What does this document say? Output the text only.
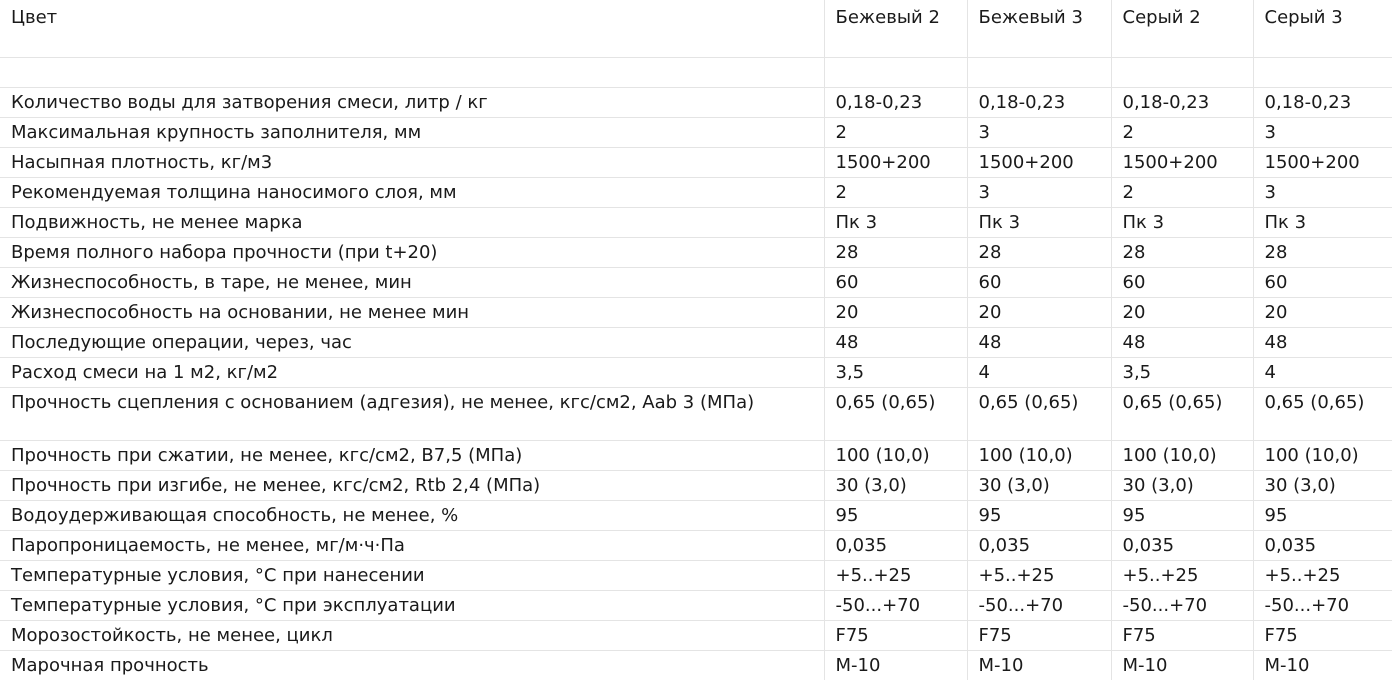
Цвет	Бежевый 2	Бежевый 3	Серый 2	Серый 3

Количество воды для затворения смеси, литр / кг	0,18-0,23	0,18-0,23	0,18-0,23	0,18-0,23
Максимальная крупность заполнителя, мм	2	3	2	3
Насыпная плотность, кг/м3	1500+200	1500+200	1500+200	1500+200
Рекомендуемая толщина наносимого слоя, мм	2	3	2	3
Подвижность, не менее марка	Пк 3	Пк 3	Пк 3	Пк 3
Время полного набора прочности (при t+20)	28	28	28	28
Жизнеспособность, в таре, не менее, мин	60	60	60	60
Жизнеспособность на основании, не менее мин	20	20	20	20
Последующие операции, через, час	48	48	48	48
Расход смеси на 1 м2, кг/м2	3,5	4	3,5	4
Прочность сцепления с основанием (адгезия), не менее, кгс/см2, Aab 3 (МПа)	0,65 (0,65)	0,65 (0,65)	0,65 (0,65)	0,65 (0,65)
Прочность при сжатии, не менее, кгс/см2, В7,5 (МПа)	100 (10,0)	100 (10,0)	100 (10,0)	100 (10,0)
Прочность при изгибе, не менее, кгс/см2, Rtb 2,4 (МПа)	30 (3,0)	30 (3,0)	30 (3,0)	30 (3,0)
Водоудерживающая способность, не менее, %	95	95	95	95
Паропроницаемость, не менее, мг/м·ч·Па	0,035	0,035	0,035	0,035
Температурные условия, °С при нанесении	+5..+25	+5..+25	+5..+25	+5..+25
Температурные условия, °С при эксплуатации	-50...+70	-50...+70	-50...+70	-50...+70
Морозостойкость, не менее, цикл	F75	F75	F75	F75
Марочная прочность	М-10	М-10	М-10	М-10
